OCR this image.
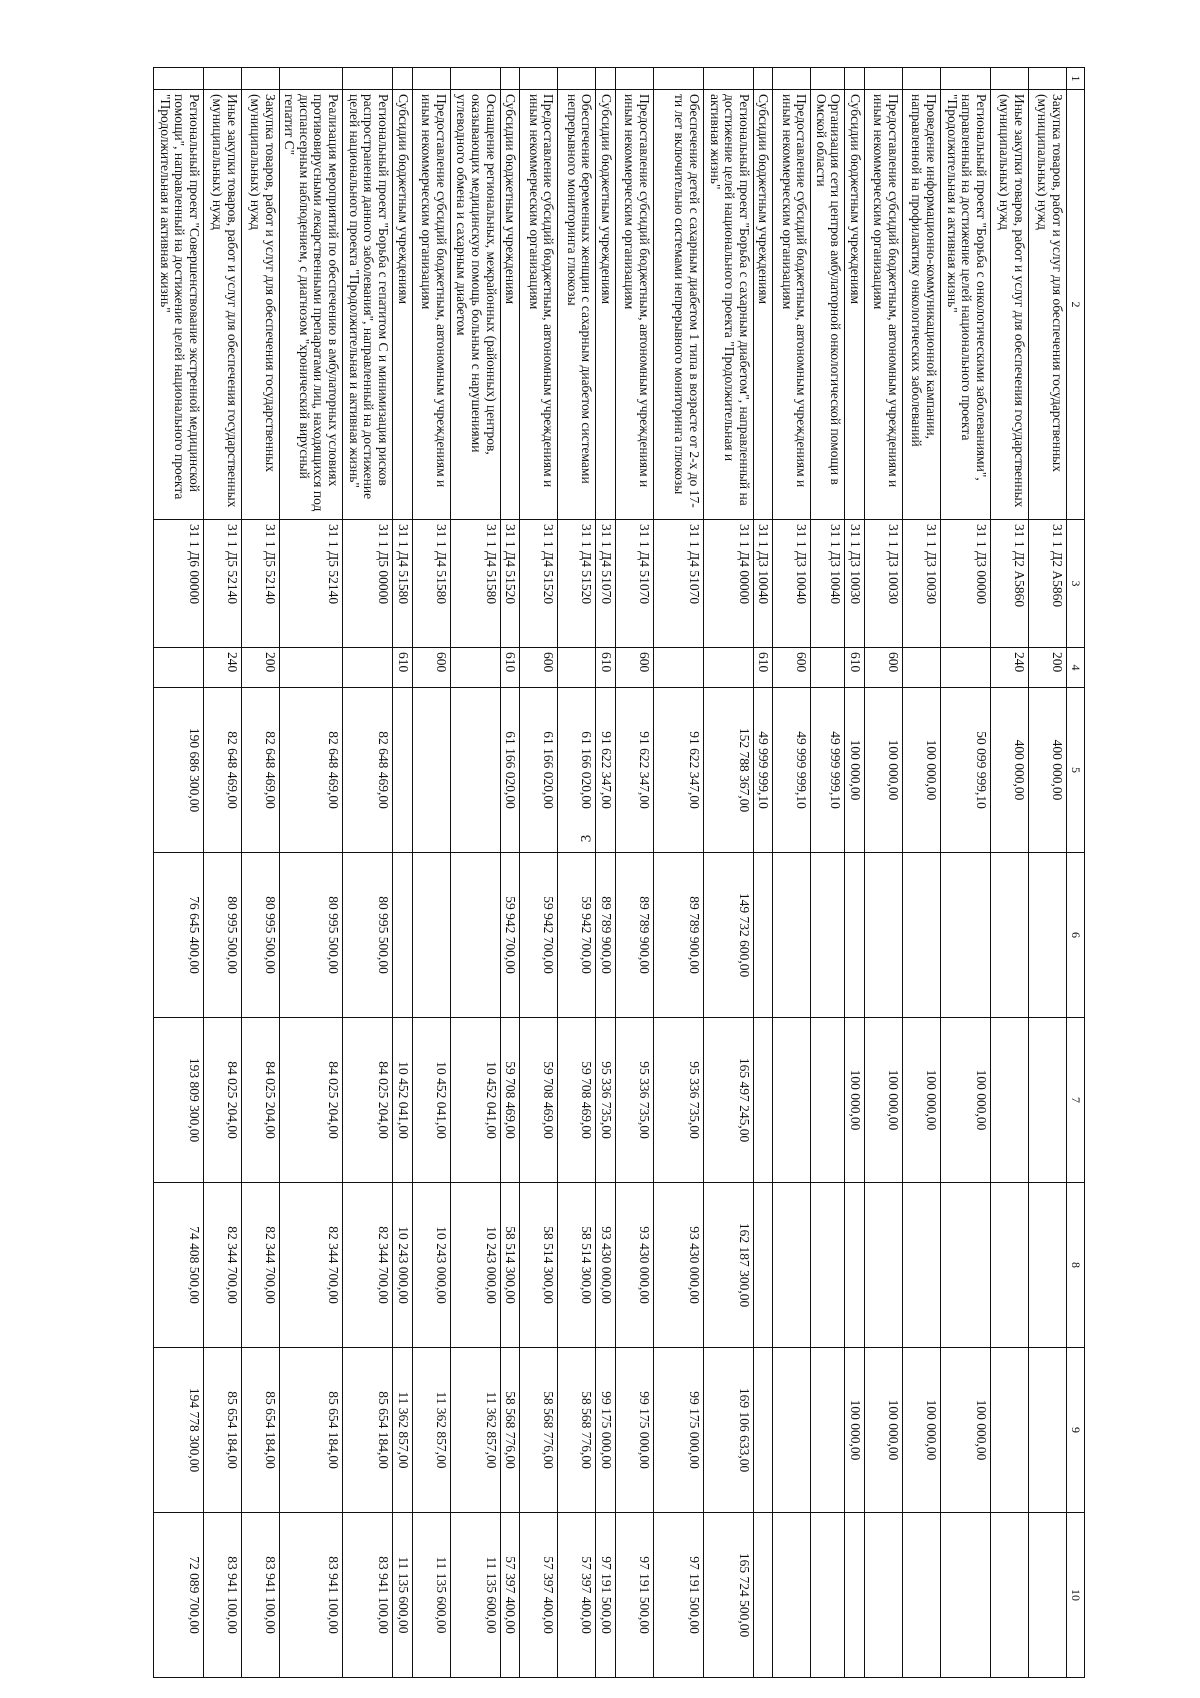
3
1	2	3	4	5	6	7	8	9	10
	Закупка товаров, работ и услуг для обеспечения государственных (муниципальных) нужд	31 1 Д2 А5860	200	400 000,00					
	Иные закупки товаров, работ и услуг для обеспечения государственных (муниципальных) нужд	31 1 Д2 А5860	240	400 000,00					
	Региональный проект "Борьба с онкологическими заболеваниями", направленный на достижение целей национального проекта "Продолжительная и активная жизнь"	31 1 Д3 00000		50 099 999,10		100 000,00		100 000,00	
	Проведение информационно-коммуникационной кампании, направленной на профилактику онкологических заболеваний	31 1 Д3 10030		100 000,00		100 000,00		100 000,00	
	Предоставление субсидий бюджетным, автономным учреждениям и иным некоммерческим организациям	31 1 Д3 10030	600	100 000,00		100 000,00		100 000,00	
	Субсидии бюджетным учреждениям	31 1 Д3 10030	610	100 000,00		100 000,00		100 000,00	
	Организация сети центров амбулаторной онкологической помощи в Омской области	31 1 Д3 10040		49 999 999,10					
	Предоставление субсидий бюджетным, автономным учреждениям и иным некоммерческим организациям	31 1 Д3 10040	600	49 999 999,10					
	Субсидии бюджетным учреждениям	31 1 Д3 10040	610	49 999 999,10					
	Региональный проект "Борьба с сахарным диабетом", направленный на достижение целей национального проекта "Продолжительная и активная жизнь"	31 1 Д4 00000		152 788 367,00	149 732 600,00	165 497 245,00	162 187 300,00	169 106 633,00	165 724 500,00
	Обеспечение детей с сахарным диабетом 1 типа в возрасте от 2-х до 17-ти лет включительно системами непрерывного мониторинга глюкозы	31 1 Д4 51070		91 622 347,00	89 789 900,00	95 336 735,00	93 430 000,00	99 175 000,00	97 191 500,00
	Предоставление субсидий бюджетным, автономным учреждениям и иным некоммерческим организациям	31 1 Д4 51070	600	91 622 347,00	89 789 900,00	95 336 735,00	93 430 000,00	99 175 000,00	97 191 500,00
	Субсидии бюджетным учреждениям	31 1 Д4 51070	610	91 622 347,00	89 789 900,00	95 336 735,00	93 430 000,00	99 175 000,00	97 191 500,00
	Обеспечение беременных женщин с сахарным диабетом системами непрерывного мониторинга глюкозы	31 1 Д4 51520		61 166 020,00	59 942 700,00	59 708 469,00	58 514 300,00	58 568 776,00	57 397 400,00
	Предоставление субсидий бюджетным, автономным учреждениям и иным некоммерческим организациям	31 1 Д4 51520	600	61 166 020,00	59 942 700,00	59 708 469,00	58 514 300,00	58 568 776,00	57 397 400,00
	Субсидии бюджетным учреждениям	31 1 Д4 51520	610	61 166 020,00	59 942 700,00	59 708 469,00	58 514 300,00	58 568 776,00	57 397 400,00
	Оснащение региональных, межрайонных (районных) центров, оказывающих медицинскую помощь больным с нарушениями углеводного обмена и сахарным диабетом	31 1 Д4 51580				10 452 041,00	10 243 000,00	11 362 857,00	11 135 600,00
	Предоставление субсидий бюджетным, автономным учреждениям и иным некоммерческим организациям	31 1 Д4 51580	600			10 452 041,00	10 243 000,00	11 362 857,00	11 135 600,00
	Субсидии бюджетным учреждениям	31 1 Д4 51580	610			10 452 041,00	10 243 000,00	11 362 857,00	11 135 600,00
	Региональный проект "Борьба с гепатитом С и минимизация рисков распространения данного заболевания", направленный на достижение целей национального проекта "Продолжительная и активная жизнь"	31 1 Д5 00000		82 648 469,00	80 995 500,00	84 025 204,00	82 344 700,00	85 654 184,00	83 941 100,00
	Реализация мероприятий по обеспечению в амбулаторных условиях противовирусными лекарственными препаратами лиц, находящихся под диспансерным наблюдением, с диагнозом "хронический вирусный гепатит С"	31 1 Д5 52140		82 648 469,00	80 995 500,00	84 025 204,00	82 344 700,00	85 654 184,00	83 941 100,00
	Закупка товаров, работ и услуг для обеспечения государственных (муниципальных) нужд	31 1 Д5 52140	200	82 648 469,00	80 995 500,00	84 025 204,00	82 344 700,00	85 654 184,00	83 941 100,00
	Иные закупки товаров, работ и услуг для обеспечения государственных (муниципальных) нужд	31 1 Д5 52140	240	82 648 469,00	80 995 500,00	84 025 204,00	82 344 700,00	85 654 184,00	83 941 100,00
	Региональный проект "Совершенствование экстренной медицинской помощи", направленный на достижение целей национального проекта "Продолжительная и активная жизнь"	31 1 Д6 00000		190 686 300,00	76 645 400,00	193 809 300,00	74 408 500,00	194 778 300,00	72 089 700,00
